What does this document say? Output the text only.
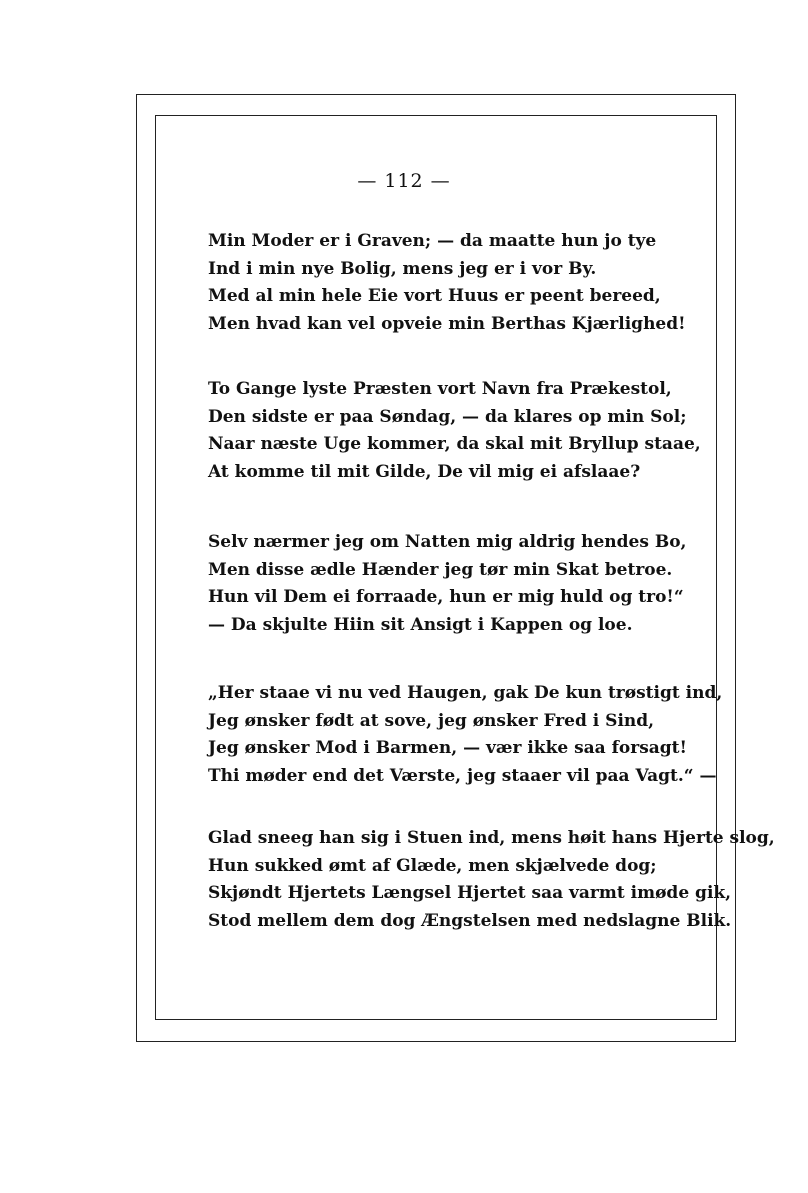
— 112 —
Min Moder er i Graven; — da maatte hun jo tye
Ind i min nye Bolig, mens jeg er i vor By.
Med al min hele Eie vort Huus er peent bereed,
Men hvad kan vel opveie min Berthas Kjærlighed!
To Gange lyste Præsten vort Navn fra Prækestol,
Den sidste er paa Søndag, — da klares op min Sol;
Naar næste Uge kommer, da skal mit Bryllup staae,
At komme til mit Gilde, De vil mig ei afslaae?
Selv nærmer jeg om Natten mig aldrig hendes Bo,
Men disse ædle Hænder jeg tør min Skat betroe.
Hun vil Dem ei forraade, hun er mig huld og tro!“
— Da skjulte Hiin sit Ansigt i Kappen og loe.
„Her staae vi nu ved Haugen, gak De kun trøstigt ind,
Jeg ønsker født at sove, jeg ønsker Fred i Sind,
Jeg ønsker Mod i Barmen, — vær ikke saa forsagt!
Thi møder end det Værste, jeg staaer vil paa Vagt.“ —
Glad sneeg han sig i Stuen ind, mens høit hans Hjerte slog,
Hun sukked ømt af Glæde, men skjælvede dog;
Skjøndt Hjertets Længsel Hjertet saa varmt imøde gik,
Stod mellem dem dog Ængstelsen med nedslagne Blik.
